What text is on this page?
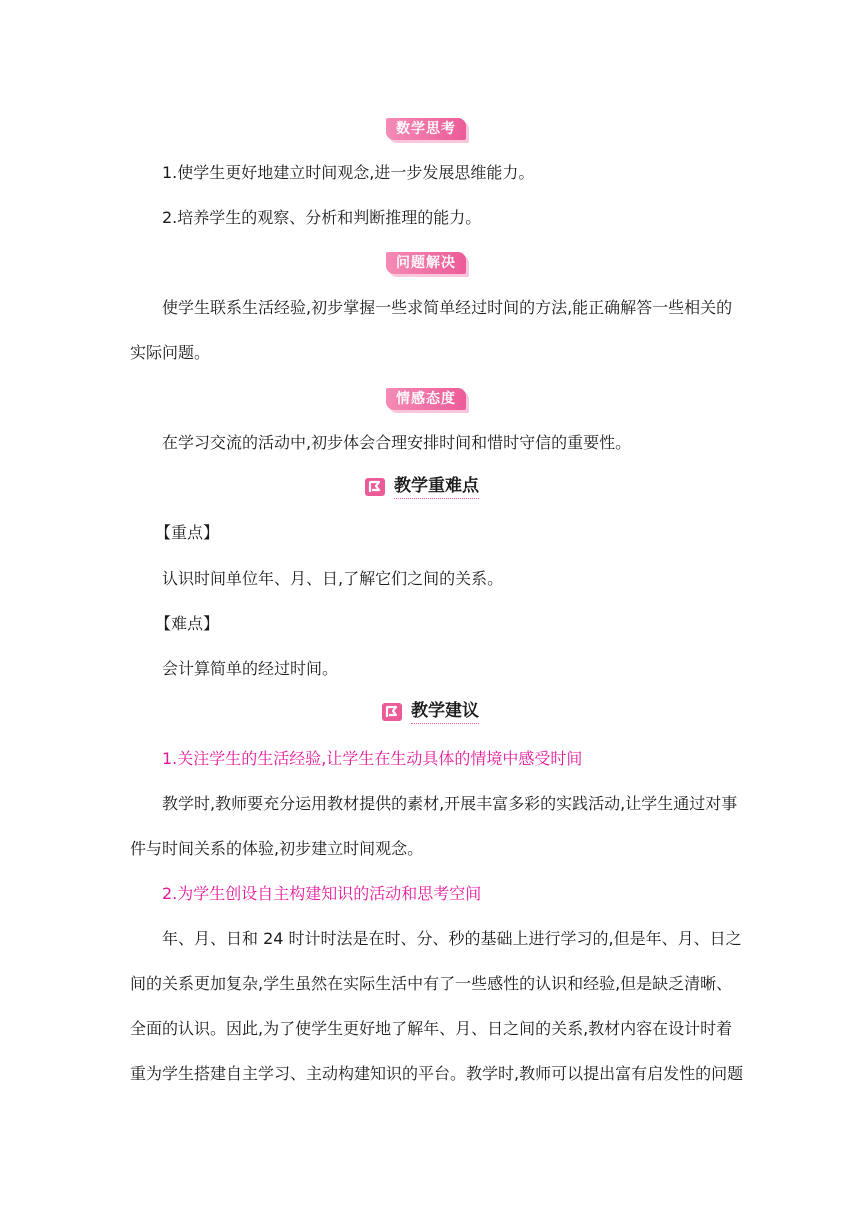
数学思考
1.使学生更好地建立时间观念,进一步发展思维能力。
2.培养学生的观察、分析和判断推理的能力。
问题解决
使学生联系生活经验,初步掌握一些求简单经过时间的方法,能正确解答一些相关的
实际问题。
情感态度
在学习交流的活动中,初步体会合理安排时间和惜时守信的重要性。
教学重难点
【重点】
认识时间单位年、月、日,了解它们之间的关系。
【难点】
会计算简单的经过时间。
教学建议
1.关注学生的生活经验,让学生在生动具体的情境中感受时间
教学时,教师要充分运用教材提供的素材,开展丰富多彩的实践活动,让学生通过对事
件与时间关系的体验,初步建立时间观念。
2.为学生创设自主构建知识的活动和思考空间
年、月、日和 24 时计时法是在时、分、秒的基础上进行学习的,但是年、月、日之
间的关系更加复杂,学生虽然在实际生活中有了一些感性的认识和经验,但是缺乏清晰、
全面的认识。因此,为了使学生更好地了解年、月、日之间的关系,教材内容在设计时着
重为学生搭建自主学习、主动构建知识的平台。教学时,教师可以提出富有启发性的问题
